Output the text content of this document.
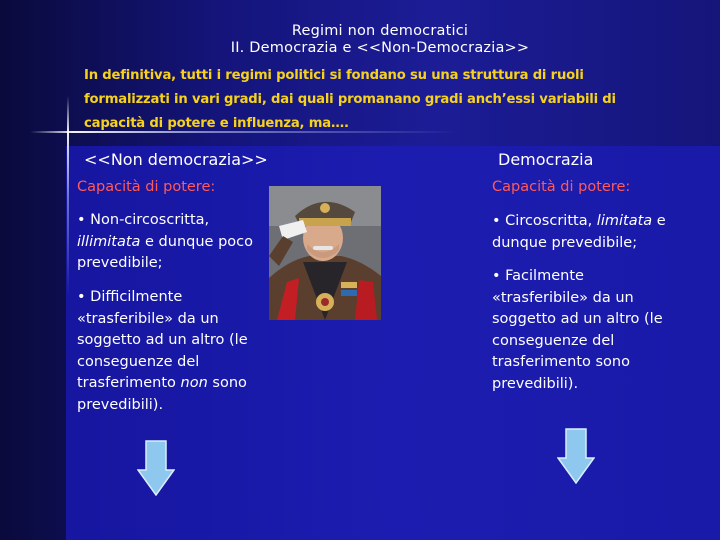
Regimi non democratici
II. Democrazia e <<Non-Democrazia>>
In definitiva, tutti i regimi politici si fondano su una struttura di ruoli
formalizzati in vari gradi, dai quali promanano gradi anch’essi variabili di
capacità di potere e influenza, ma….
<<Non democrazia>>	Democrazia
Capacità di potere:	Capacità di potere:
• Non-circoscritta,
illimitata e dunque poco
prevedibile;
• Difficilmente
«trasferibile» da un
soggetto ad un altro (le
conseguenze del
trasferimento non sono
prevedibili).
• Circoscritta, limitata e
dunque prevedibile;
• Facilmente
«trasferibile» da un
soggetto ad un altro (le
conseguenze del
trasferimento sono
prevedibili).
